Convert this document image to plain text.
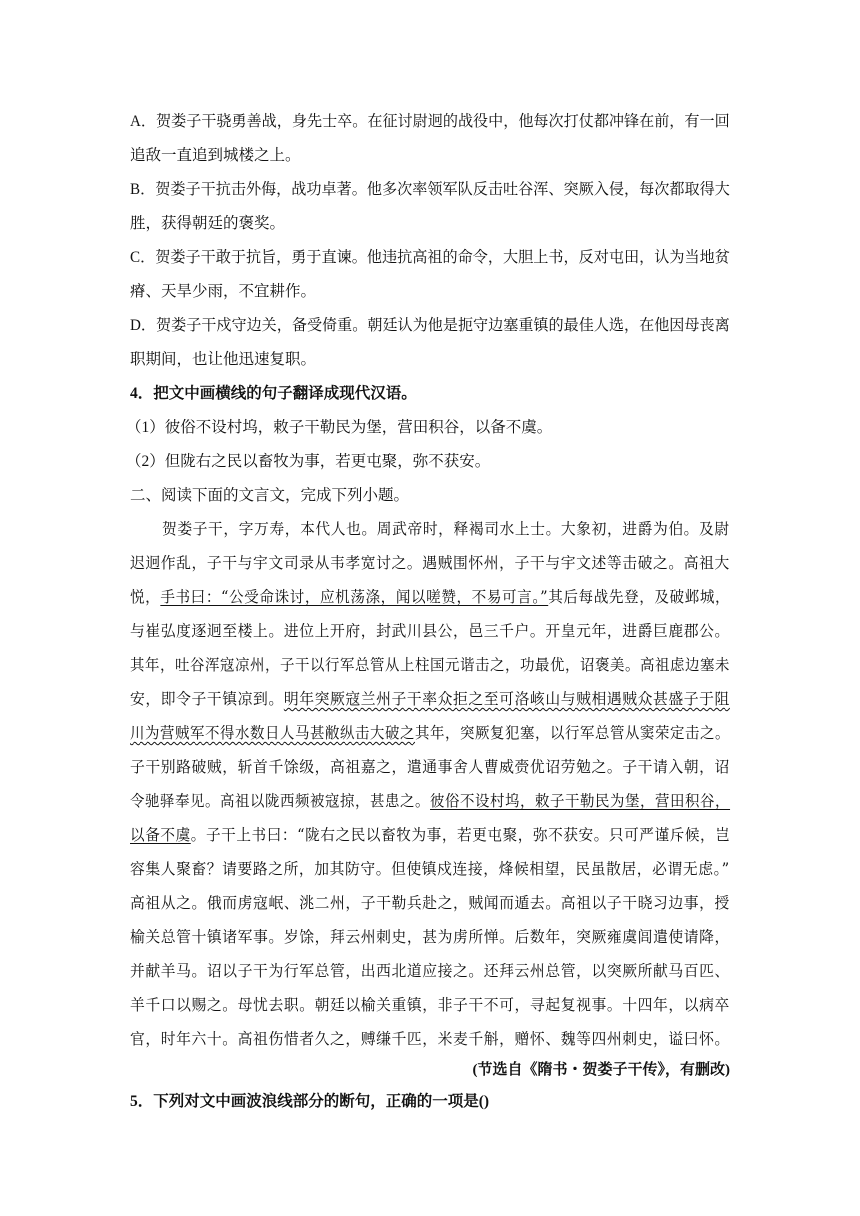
A．贺娄子干骁勇善战，身先士卒。在征讨尉迥的战役中，他每次打仗都冲锋在前，有一回
追敌一直追到城楼之上。
B．贺娄子干抗击外侮，战功卓著。他多次率领军队反击吐谷浑、突厥入侵，每次都取得大
胜，获得朝廷的褒奖。
C．贺娄子干敢于抗旨，勇于直谏。他违抗高祖的命令，大胆上书，反对屯田，认为当地贫
瘠、天旱少雨，不宜耕作。
D．贺娄子干戍守边关，备受倚重。朝廷认为他是扼守边塞重镇的最佳人选，在他因母丧离
职期间，也让他迅速复职。
4．把文中画横线的句子翻译成现代汉语。
（1）彼俗不设村坞，敕子干勒民为堡，营田积谷，以备不虞。
（2）但陇右之民以畜牧为事，若更屯聚，弥不获安。
二、阅读下面的文言文，完成下列小题。
贺娄子干，字万寿，本代人也。周武帝时，释褐司水上士。大象初，进爵为伯。及尉
迟迥作乱，子干与宇文司录从韦孝宽讨之。遇贼围怀州，子干与宇文述等击破之。高祖大
悦，手书曰：“公受命诛讨，应机荡涤，闻以嗟赞，不易可言。”其后每战先登，及破邺城，
与崔弘度逐迥至楼上。进位上开府，封武川县公，邑三千户。开皇元年，进爵巨鹿郡公。
其年，吐谷浑寇凉州，子干以行军总管从上柱国元谐击之，功最优，诏褒美。高祖虑边塞未
安，即令子干镇凉到。明年突厥寇兰州子干率众拒之至可洛峐山与贼相遇贼众甚盛子于阻
川为营贼军不得水数日人马甚敝纵击大破之其年，突厥复犯塞，以行军总管从窦荣定击之。
子干别路破贼，斩首千馀级，高祖嘉之，遣通事舍人曹威赍优诏劳勉之。子干请入朝，诏
令驰驿奉见。高祖以陇西频被寇掠，甚患之。彼俗不设村坞，敕子干勒民为堡，营田积谷，
以备不虞。子干上书曰：“陇右之民以畜牧为事，若更屯聚，弥不获安。只可严谨斥候，岂
容集人聚畜？请要路之所，加其防守。但使镇戍连接，烽候相望，民虽散居，必谓无虑。”
高祖从之。俄而虏寇岷、洮二州，子干勒兵赴之，贼闻而遁去。高祖以子干晓习边事，授
榆关总管十镇诸军事。岁馀，拜云州刺史，甚为虏所惮。后数年，突厥雍虞闾遣使请降，
并献羊马。诏以子干为行军总管，出西北道应接之。还拜云州总管，以突厥所献马百匹、
羊千口以赐之。母忧去职。朝廷以榆关重镇，非子干不可，寻起复视事。十四年，以病卒
官，时年六十。高祖伤惜者久之，赙缣千匹，米麦千斛，赠怀、魏等四州刺史，谥曰怀。
(节选自《隋书・贺娄子干传》，有删改)
5．下列对文中画波浪线部分的断句，正确的一项是()
